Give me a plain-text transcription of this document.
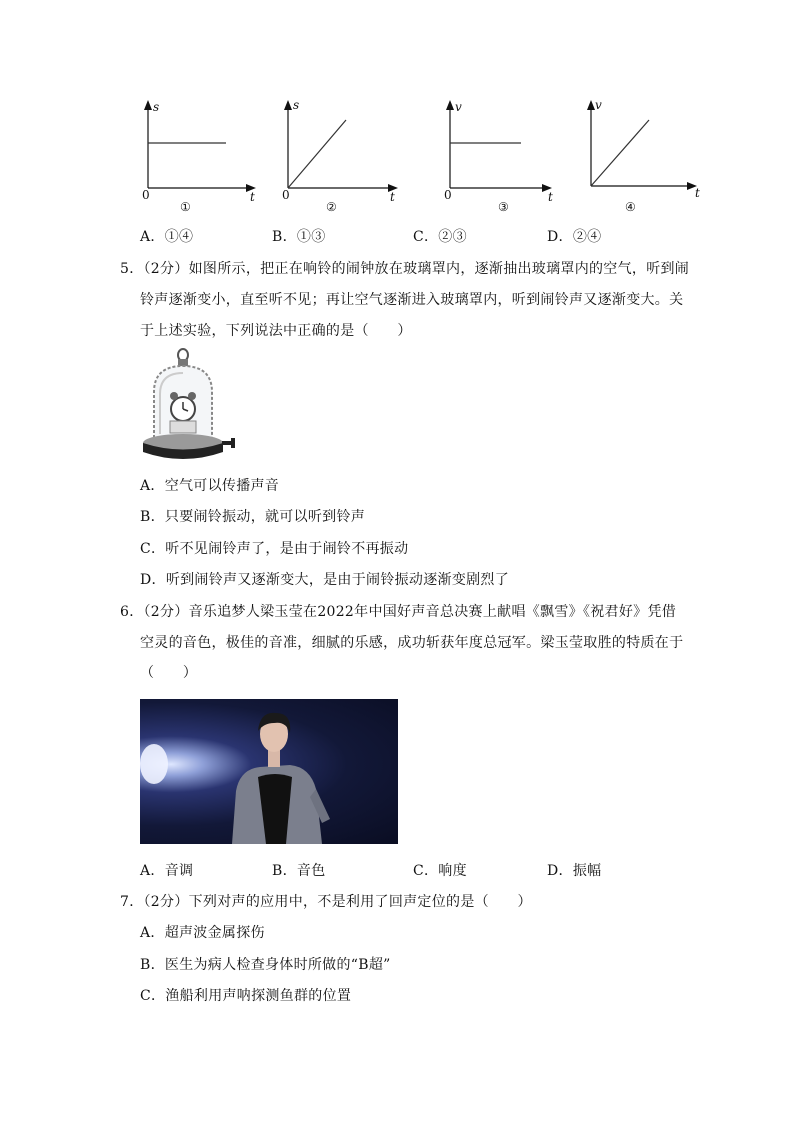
s
t
0
①
s
t
0
②
v
t
0
③
v
t
④
A．①④	B．①③	C．②③	D．②④
5．（2分）如图所示，把正在响铃的闹钟放在玻璃罩内，逐渐抽出玻璃罩内的空气，听到闹
铃声逐渐变小，直至听不见；再让空气逐渐进入玻璃罩内，听到闹铃声又逐渐变大。关
于上述实验，下列说法中正确的是（　　）
A．空气可以传播声音
B．只要闹铃振动，就可以听到铃声
C．听不见闹铃声了，是由于闹铃不再振动
D．听到闹铃声又逐渐变大，是由于闹铃振动逐渐变剧烈了
6．（2分）音乐追梦人梁玉莹在2022年中国好声音总决赛上献唱《飘雪》《祝君好》凭借
空灵的音色，极佳的音准，细腻的乐感，成功斩获年度总冠军。梁玉莹取胜的特质在于
（　　）
A．音调	B．音色	C．响度	D．振幅
7．（2分）下列对声的应用中，不是利用了回声定位的是（　　）
A．超声波金属探伤
B．医生为病人检查身体时所做的“B超”
C．渔船利用声呐探测鱼群的位置
